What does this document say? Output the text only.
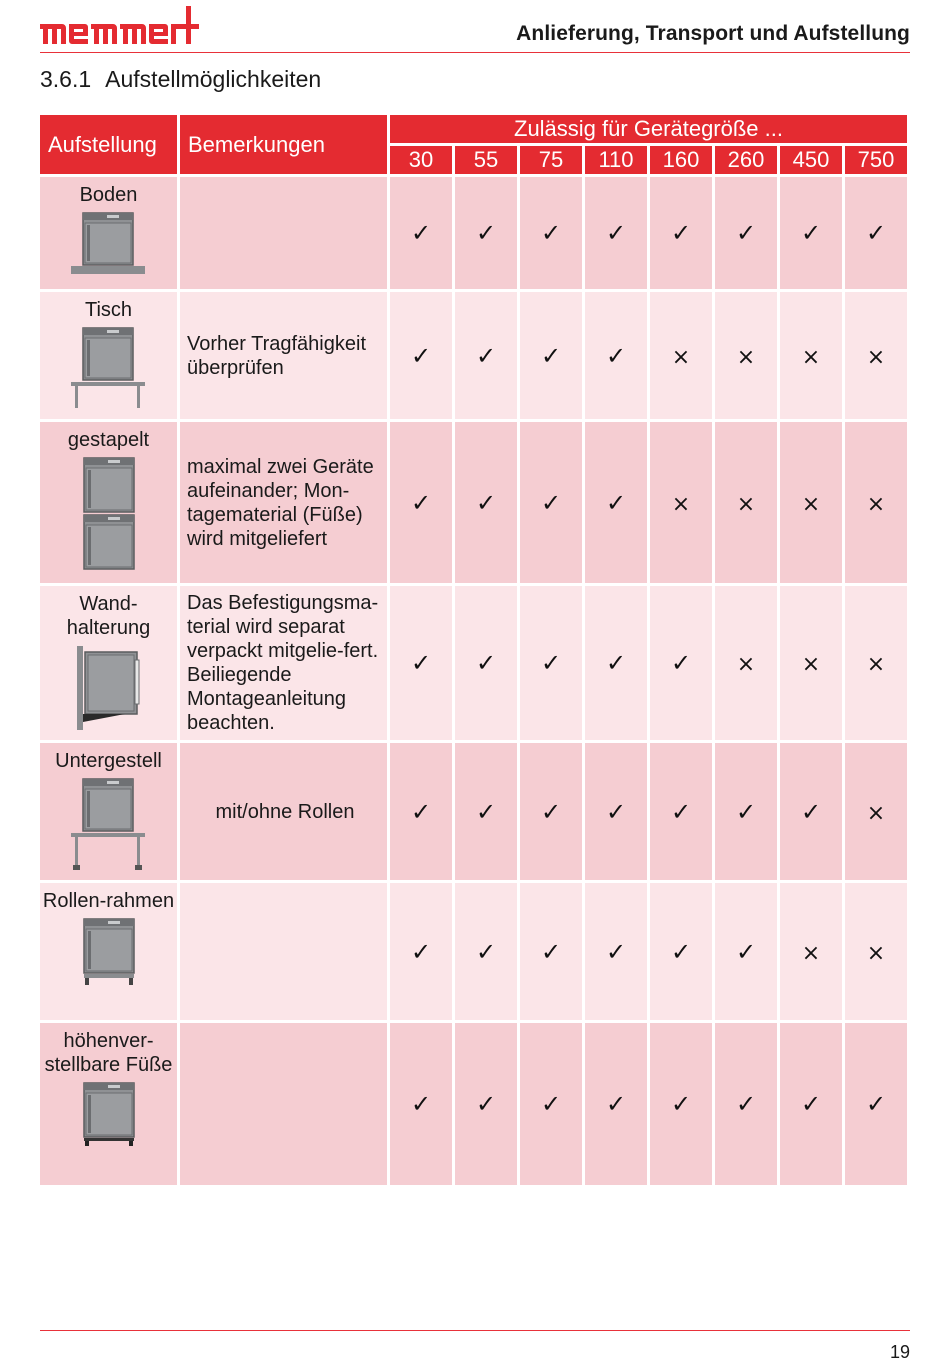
Anlieferung, Transport und Aufstellung
3.6.1 Aufstellmöglichkeiten
Aufstellung	Bemerkungen	Zulässig für Gerätegröße ...							
		30	55	75	110	160	260	450	750

Boden		✓	✓	✓	✓	✓	✓	✓	✓

Tisch	Vorher Tragfähigkeit überprüfen	✓	✓	✓	✓	×	×	×	×

gestapelt	maximal zwei Geräte aufeinander; Mon-tagematerial (Füße) wird mitgeliefert	✓	✓	✓	✓	×	×	×	×

Wand-halterung	Das Befestigungsma-terial wird separat verpackt mitgelie-fert. Beiliegende Montageanleitung beachten.	✓	✓	✓	✓	✓	×	×	×

Untergestell	mit/ohne Rollen	✓	✓	✓	✓	✓	✓	✓	×

Rollen-rahmen		✓	✓	✓	✓	✓	✓	×	×

höhenver-stellbare Füße		✓	✓	✓	✓	✓	✓	✓	✓
19
